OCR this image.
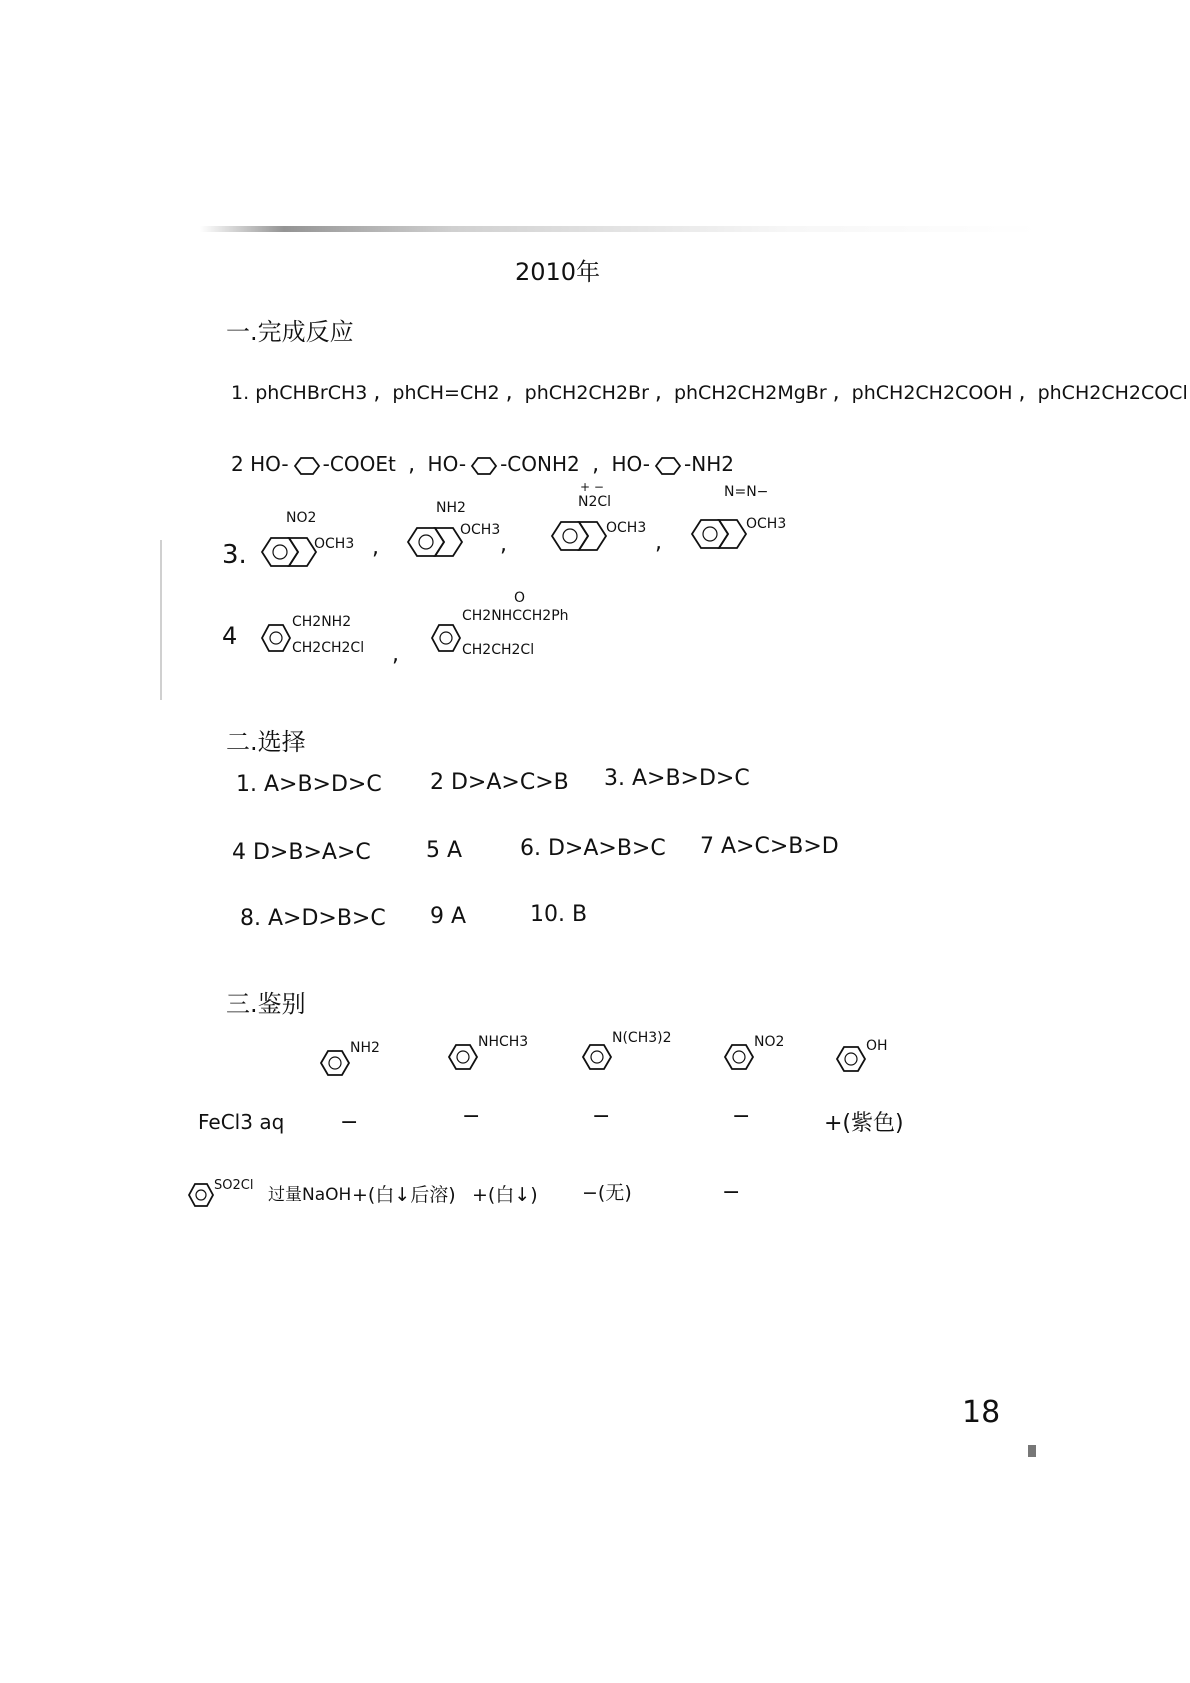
2010年
一.完成反应
1. phCHBrCH3 , phCH=CH2 , phCH2CH2Br , phCH2CH2MgBr , phCH2CH2COOH , phCH2CH2COCl
2 HO- -COOEt , HO- -CONH2 , HO- -NH2
3.
NO2
OCH3 ,
NH2
OCH3
,
+ −
N2Cl
OCH3
,
N=N−
OCH3
4	CH2NH2
CH2CH2Cl ,
O
CH2NHCCH2Ph
CH2CH2Cl
二.选择
1. A>B>D>C 2 D>A>C>B 3. A>B>D>C
4 D>B>A>C	5 A	6. D>A>B>C 7 A>C>B>D
8. A>D>B>C 9 A	10. B
三.鉴别
NH2	NHCH3	N(CH3)2	NO2	OH
FeCl3 aq	−	−	−	−	+(紫色)
SO2Cl 过量NaOH +(白↓后溶) +(白↓) −(无)	−
18
